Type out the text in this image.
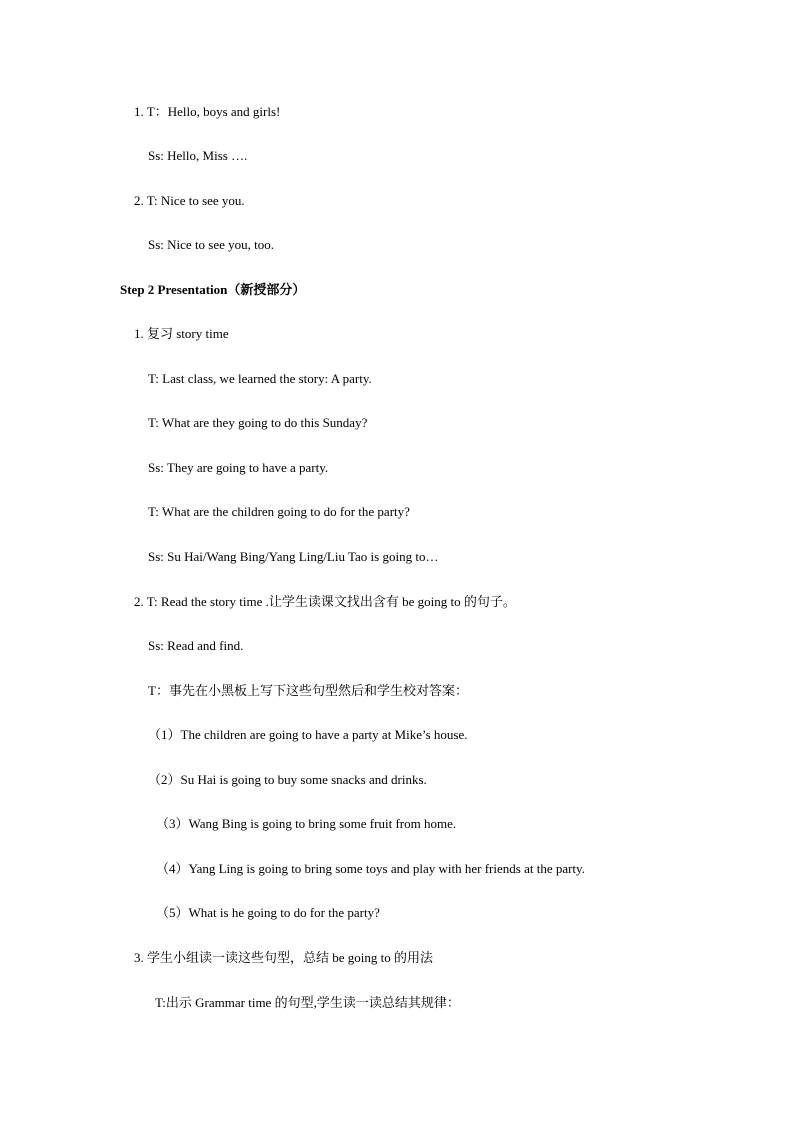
1. T：Hello, boys and girls!
Ss: Hello, Miss ….
2. T: Nice to see you.
Ss: Nice to see you, too.
Step 2 Presentation（新授部分）
1. 复习 story time
T: Last class, we learned the story: A party.
T: What are they going to do this Sunday?
Ss: They are going to have a party.
T: What are the children going to do for the party?
Ss: Su Hai/Wang Bing/Yang Ling/Liu Tao is going to…
2. T: Read the story time .让学生读课文找出含有 be going to 的句子。
Ss: Read and find.
T：事先在小黑板上写下这些句型然后和学生校对答案：
（1）The children are going to have a party at Mike’s house.
（2）Su Hai is going to buy some snacks and drinks.
（3）Wang Bing is going to bring some fruit from home.
（4）Yang Ling is going to bring some toys and play with her friends at the party.
（5）What is he going to do for the party?
3. 学生小组读一读这些句型，总结 be going to 的用法
T:出示 Grammar time 的句型,学生读一读总结其规律：
